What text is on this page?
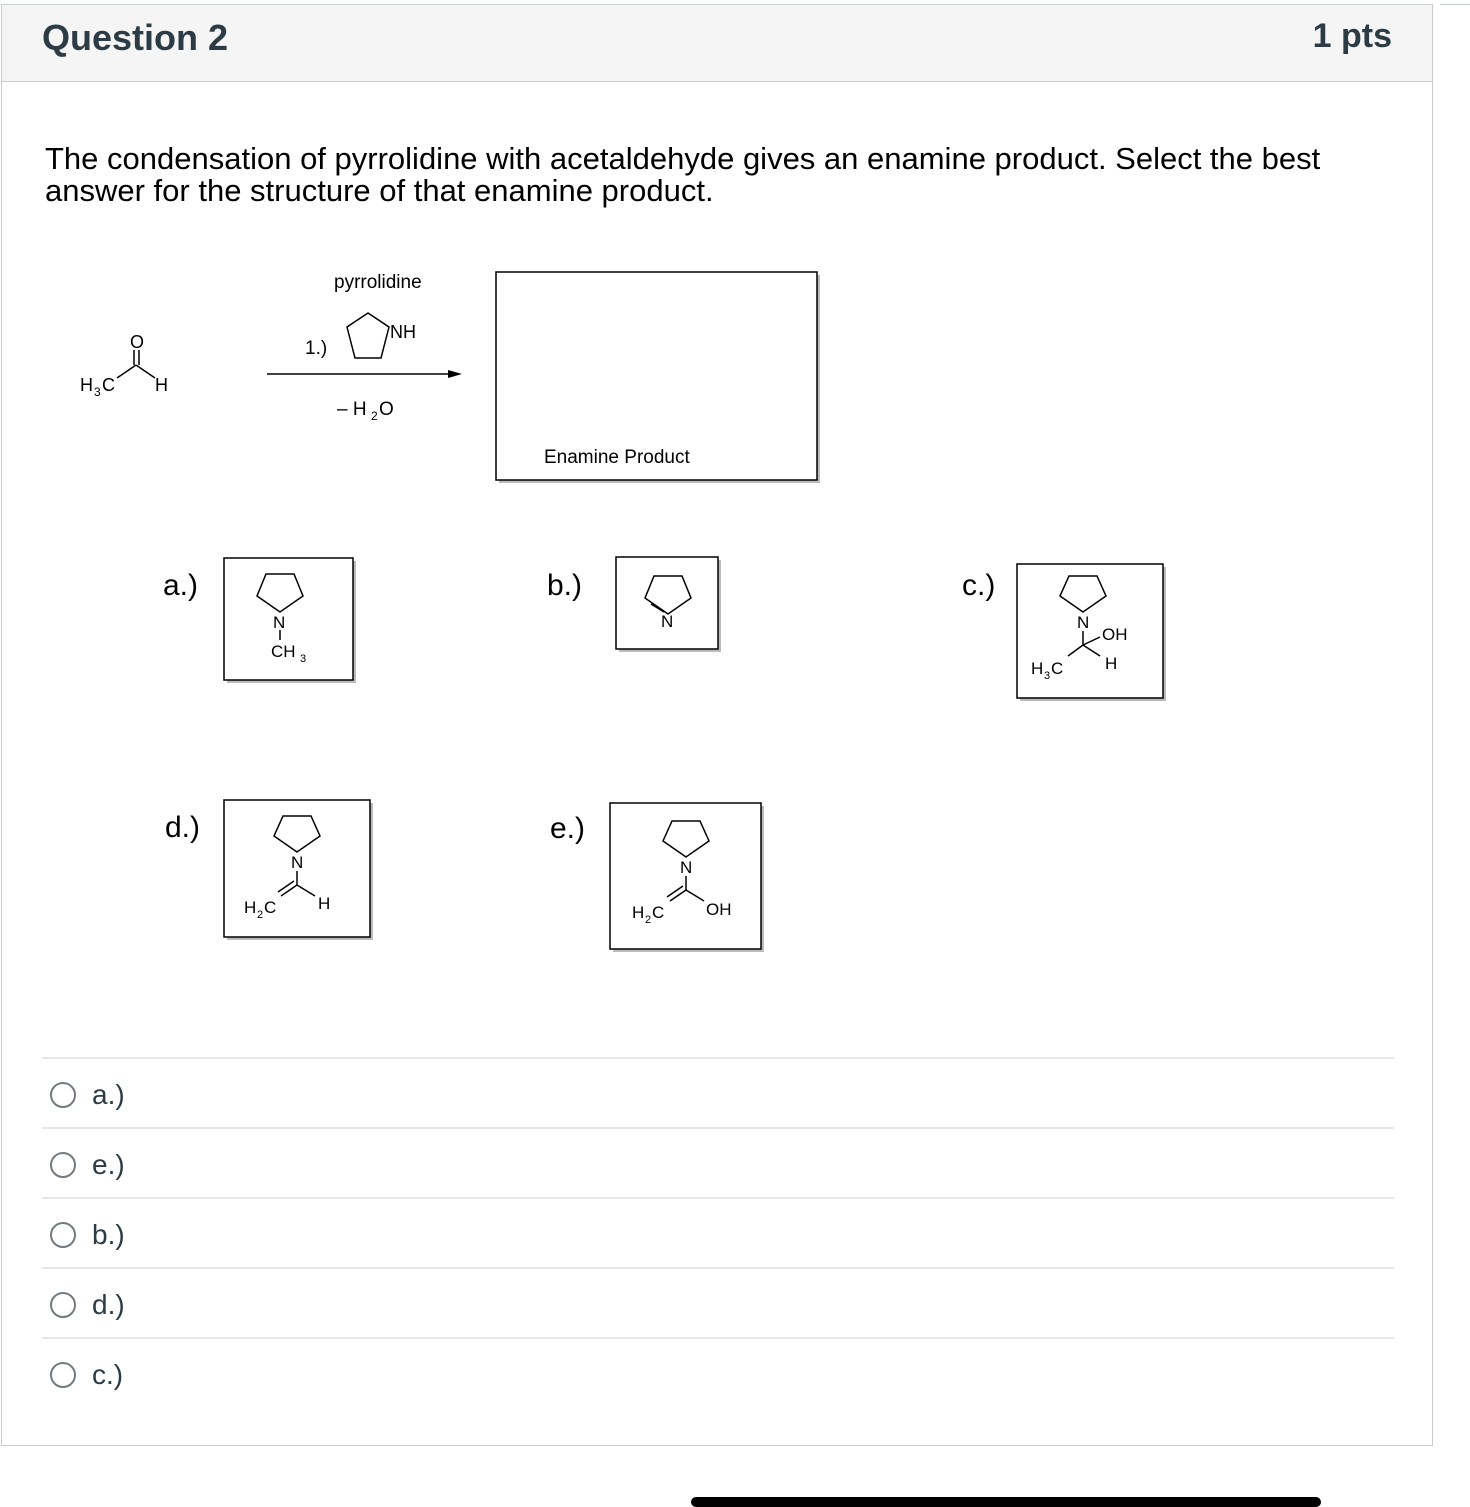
Question 2	1 pts
The condensation of pyrrolidine with acetaldehyde gives an enamine product. Select the best
answer for the structure of that enamine product.
H 3 C
O
H
pyrrolidine
1.)
NH
– H 2 O
Enamine Product
a.)	b.)	c.)
d.)	e.)
N
CH 3
N	N
OH
H
H 3 C
N
H
H 2 C
N
OH
H 2 C
a.)
e.)
b.)
d.)
c.)
